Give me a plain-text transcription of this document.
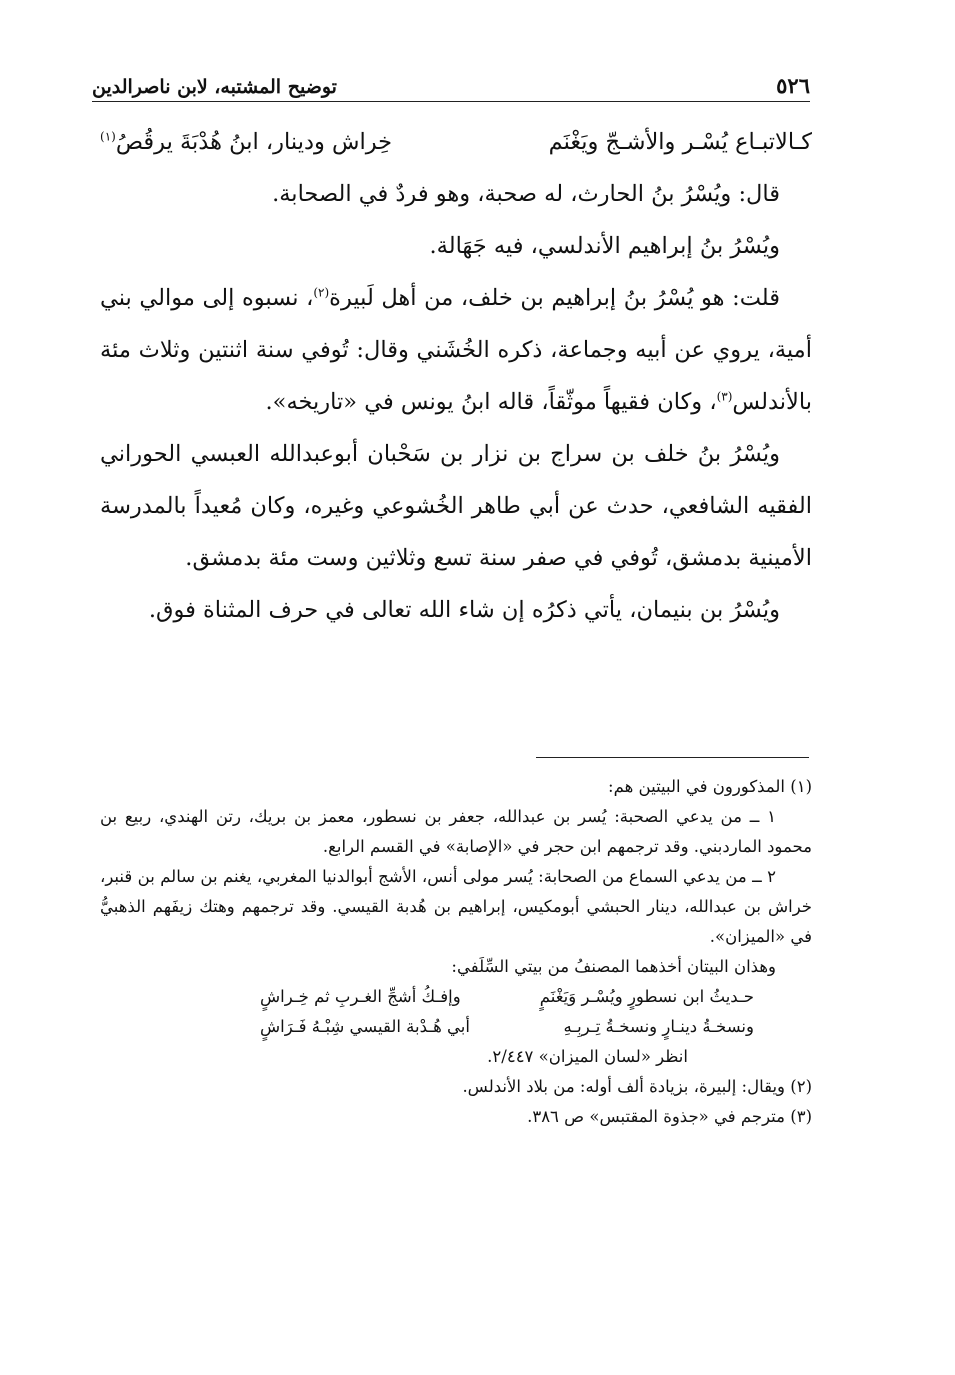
٥٢٦
توضيح المشتبه، لابن ناصرالدين
كـالاتبـاع يُسْـر والأشـجّ ويَغْنَم
خِراش ودينار، ابنُ هُدْبَةَ يرقُصُ$^{(١)}$

قال: ويُسْرُ بنُ الحارث، له صحبة، وهو فردٌ في الصحابة.

ويُسْرُ بنُ إبراهيم الأندلسي، فيه جَهَالة.

قلت: هو يُسْرُ بنُ إبراهيم بن خلف، من أهل لَبيرة$^{(٢)}$، نسبوه إلى موالي بني أمية، يروي عن أبيه وجماعة، ذكره الخُشَني وقال: تُوفي سنة اثنتين وثلاث مئة بالأندلس$^{(٣)}$، وكان فقيهاً موثّقاً، قاله ابنُ يونس في «تاريخه».

ويُسْرُ بنُ خلف بن سراج بن نزار بن سَحْبان أبوعبدالله العبسي الحوراني الفقيه الشافعي، حدث عن أبي طاهر الخُشوعي وغيره، وكان مُعيداً بالمدرسة الأمينية بدمشق، تُوفي في صفر سنة تسع وثلاثين وست مئة بدمشق.

ويُسْرُ بن بنيمان، يأتي ذكرُه إن شاء الله تعالى في حرف المثناة فوق.

(١) المذكورون في البيتين هم:

١ ــ من يدعي الصحبة: يُسر بن عبدالله، جعفر بن نسطور، معمز بن بريك، رتن الهندي، ربيع بن محمود الماردبني. وقد ترجمهم ابن حجر في «الإصابة» في القسم الرابع.

٢ ــ من يدعي السماع من الصحابة: يُسر مولى أنس، الأشج أبوالدنيا المغربي، يغنم بن سالم بن قنبر، خراش بن عبدالله، دينار الحبشي أبومكيس، إبراهيم بن هُدبة القيسي. وقد ترجمهم وهتك زيفَهم الذهبيُّ في «الميزان».

وهذان البيتان أخذهما المصنفُ من بيتي السِّلَفي:

حـديثُ ابن نسطورٍ ويُسْـر وَيَغْنَمٍ
وإفـكُ أشجِّ الغـربِ ثم خِـراشٍ
ونسخـةُ دينـارٍ ونسخـةُ تِـربِـهِ
أبي هُـدْبة القيسي شِبْـهُ فَـرَاشٍ

انظر «لسان الميزان» ٢/٤٤٧.

(٢) ويقال: إلبيرة، بزيادة ألف أوله: من بلاد الأندلس.

(٣) مترجم في «جذوة المقتبس» ص ٣٨٦.
